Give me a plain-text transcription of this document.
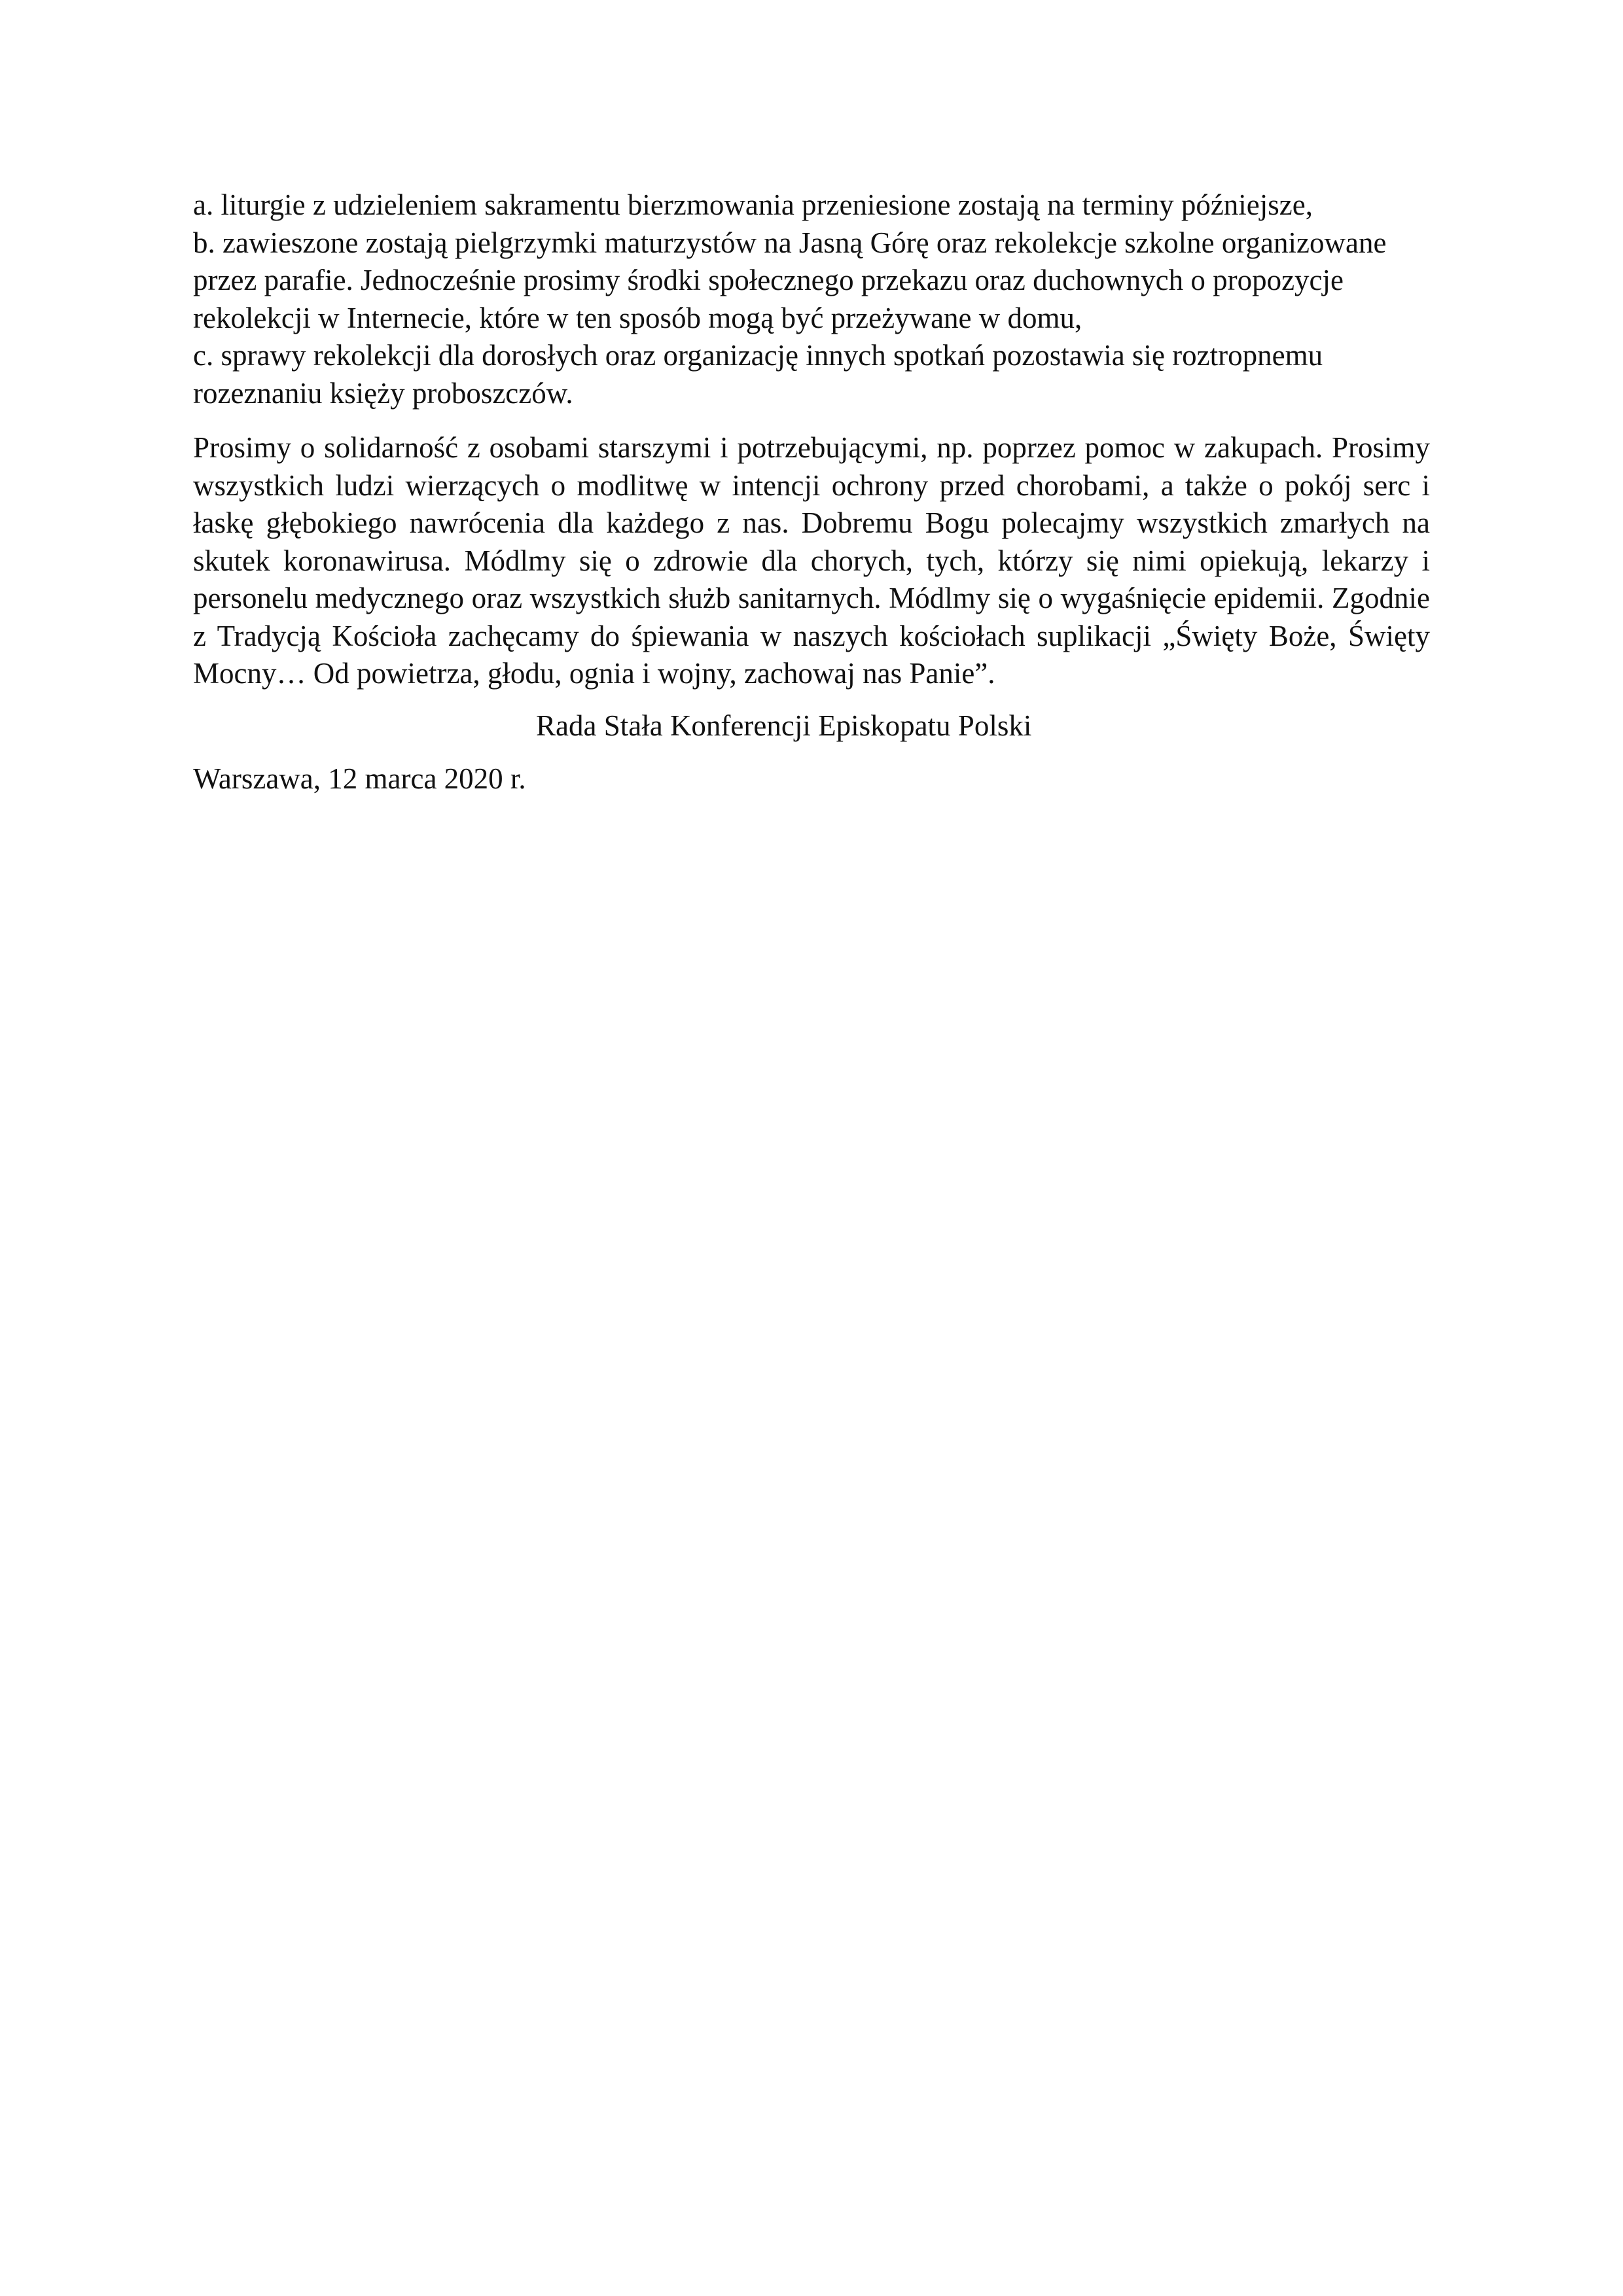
a. liturgie z udzieleniem sakramentu bierzmowania przeniesione zostają na terminy późniejsze,

b. zawieszone zostają pielgrzymki maturzystów na Jasną Górę oraz rekolekcje szkolne organizowane przez parafie. Jednocześnie prosimy środki społecznego przekazu oraz duchownych o propozycje rekolekcji w Internecie, które w ten sposób mogą być przeżywane w domu,

c. sprawy rekolekcji dla dorosłych oraz organizację innych spotkań pozostawia się roztropnemu rozeznaniu księży proboszczów.

Prosimy o solidarność z osobami starszymi i potrzebującymi, np. poprzez pomoc w zakupach. Prosimy wszystkich ludzi wierzących o modlitwę w intencji ochrony przed chorobami, a także o pokój serc i łaskę głębokiego nawrócenia dla każdego z nas. Dobremu Bogu polecajmy wszystkich zmarłych na skutek koronawirusa. Módlmy się o zdrowie dla chorych, tych, którzy się nimi opiekują, lekarzy i personelu medycznego oraz wszystkich służb sanitarnych. Módlmy się o wygaśnięcie epidemii. Zgodnie z Tradycją Kościoła zachęcamy do śpiewania w naszych kościołach suplikacji „Święty Boże, Święty Mocny… Od powietrza, głodu, ognia i wojny, zachowaj nas Panie”.

Rada Stała Konferencji Episkopatu Polski

Warszawa, 12 marca 2020 r.
